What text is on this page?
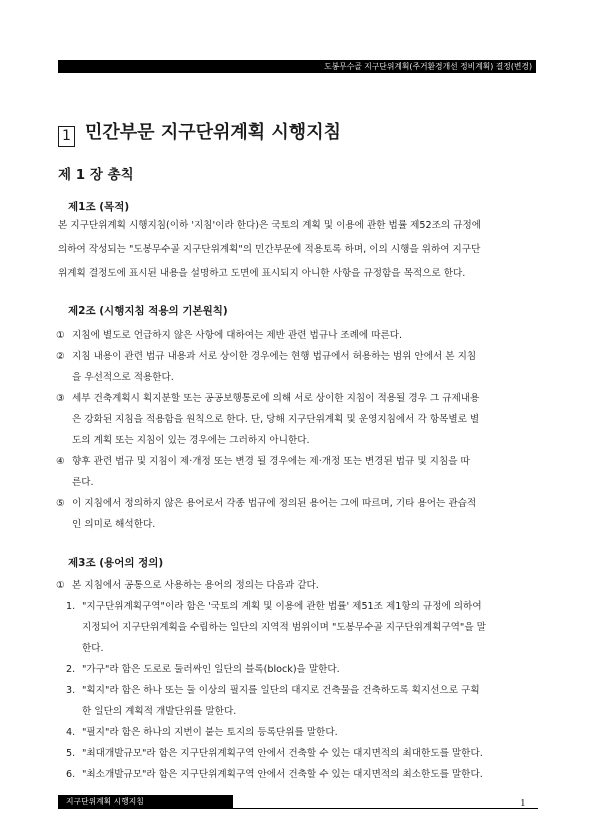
도봉무수골 지구단위계획(주거환경개선 정비계획) 결정(변경)
1 민간부문 지구단위계획 시행지침
제 1 장 총칙
제1조 (목적)

본 지구단위계획 시행지침(이하 '지침'이라 한다)은 국토의 계획 및 이용에 관한 법률 제52조의 규정에
의하여 작성되는 "도봉무수골 지구단위계획"의 민간부문에 적용토록 하며, 이의 시행을 위하여 지구단
위계획 결정도에 표시된 내용을 설명하고 도면에 표시되지 아니한 사항을 규정함을 목적으로 한다.

제2조 (시행지침 적용의 기본원칙)
① 지침에 별도로 언급하지 않은 사항에 대하여는 제반 관련 법규나 조례에 따른다.
② 지침 내용이 관련 법규 내용과 서로 상이한 경우에는 현행 법규에서 허용하는 범위 안에서 본 지침
을 우선적으로 적용한다.
③ 세부 건축계획시 획지분할 또는 공공보행통로에 의해 서로 상이한 지침이 적용될 경우 그 규제내용
은 강화된 지침을 적용함을 원칙으로 한다. 단, 당해 지구단위계획 및 운영지침에서 각 항목별로 별
도의 계획 또는 지침이 있는 경우에는 그러하지 아니한다.
④ 향후 관련 법규 및 지침이 제·개정 또는 변경 될 경우에는 제·개정 또는 변경된 법규 및 지침을 따
른다.
⑤ 이 지침에서 정의하지 않은 용어로서 각종 법규에 정의된 용어는 그에 따르며, 기타 용어는 관습적
인 의미로 해석한다.
제3조 (용어의 정의)
① 본 지침에서 공통으로 사용하는 용어의 정의는 다음과 같다.
1. "지구단위계획구역"이라 함은 '국토의 계획 및 이용에 관한 법률' 제51조 제1항의 규정에 의하여
지정되어 지구단위계획을 수립하는 일단의 지역적 범위이며 "도봉무수골 지구단위계획구역"을 말
한다.
2. "가구"라 함은 도로로 둘러싸인 일단의 블록(block)을 말한다.
3. "획지"라 함은 하나 또는 둘 이상의 필지를 일단의 대지로 건축물을 건축하도록 획지선으로 구획
한 일단의 계획적 개발단위를 말한다.
4. "필지"라 함은 하나의 지번이 붙는 토지의 등록단위를 말한다.
5. "최대개발규모"라 함은 지구단위계획구역 안에서 건축할 수 있는 대지면적의 최대한도를 말한다.
6. "최소개발규모"라 함은 지구단위계획구역 안에서 건축할 수 있는 대지면적의 최소한도를 말한다.
지구단위계획 시행지침	1
